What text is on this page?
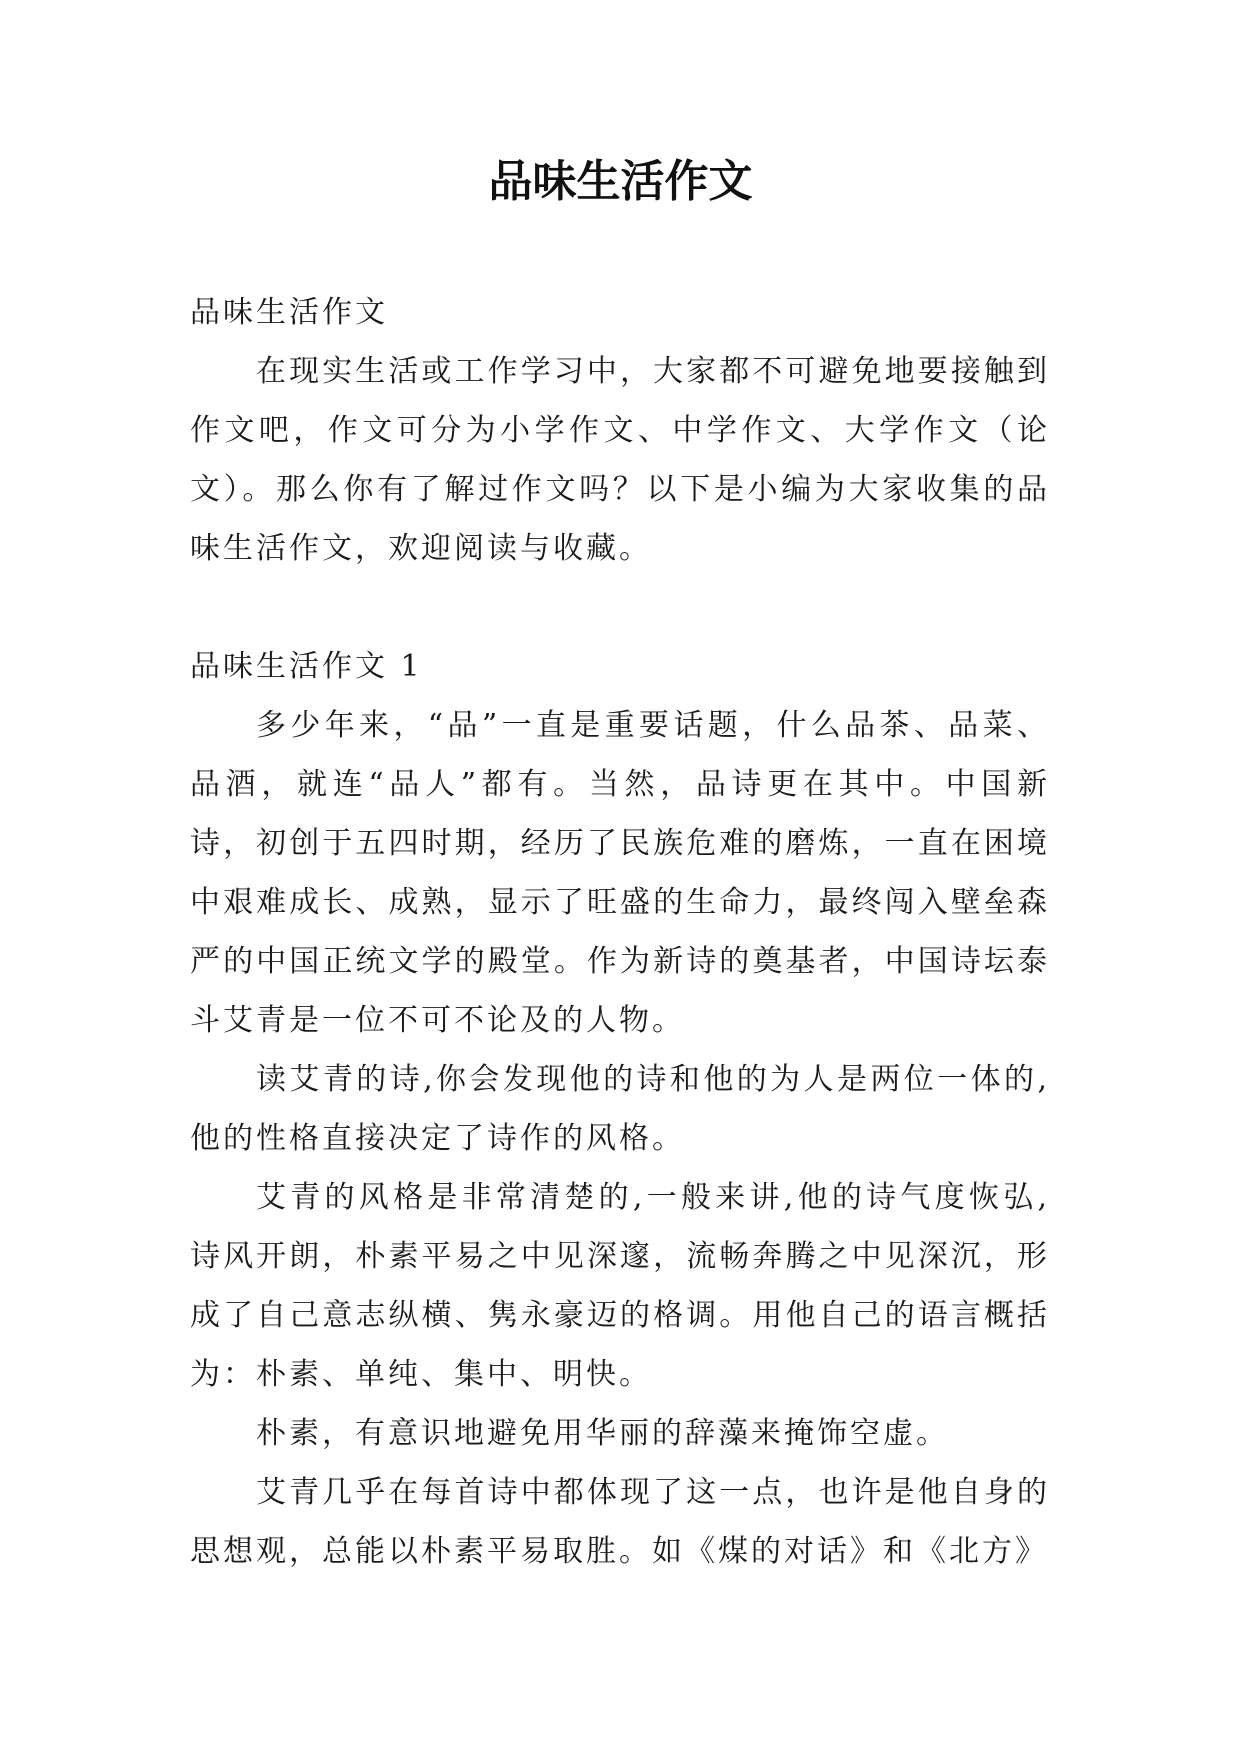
品味生活作文

品味生活作文

在现实生活或工作学习中，大家都不可避免地要接触到作文吧，作文可分为小学作文、中学作文、大学作文（论文）。那么你有了解过作文吗？以下是小编为大家收集的品味生活作文，欢迎阅读与收藏。

品味生活作文 1

多少年来，“品”一直是重要话题，什么品茶、品菜、品酒，就连“品人”都有。当然，品诗更在其中。中国新诗，初创于五四时期，经历了民族危难的磨炼，一直在困境中艰难成长、成熟，显示了旺盛的生命力，最终闯入壁垒森严的中国正统文学的殿堂。作为新诗的奠基者，中国诗坛泰斗艾青是一位不可不论及的人物。

读艾青的诗,你会发现他的诗和他的为人是两位一体的,他的性格直接决定了诗作的风格。

艾青的风格是非常清楚的,一般来讲,他的诗气度恢弘,诗风开朗，朴素平易之中见深邃，流畅奔腾之中见深沉，形成了自己意志纵横、隽永豪迈的格调。用他自己的语言概括为：朴素、单纯、集中、明快。

朴素，有意识地避免用华丽的辞藻来掩饰空虚。

艾青几乎在每首诗中都体现了这一点，也许是他自身的思想观，总能以朴素平易取胜。如《煤的对话》和《北方》
